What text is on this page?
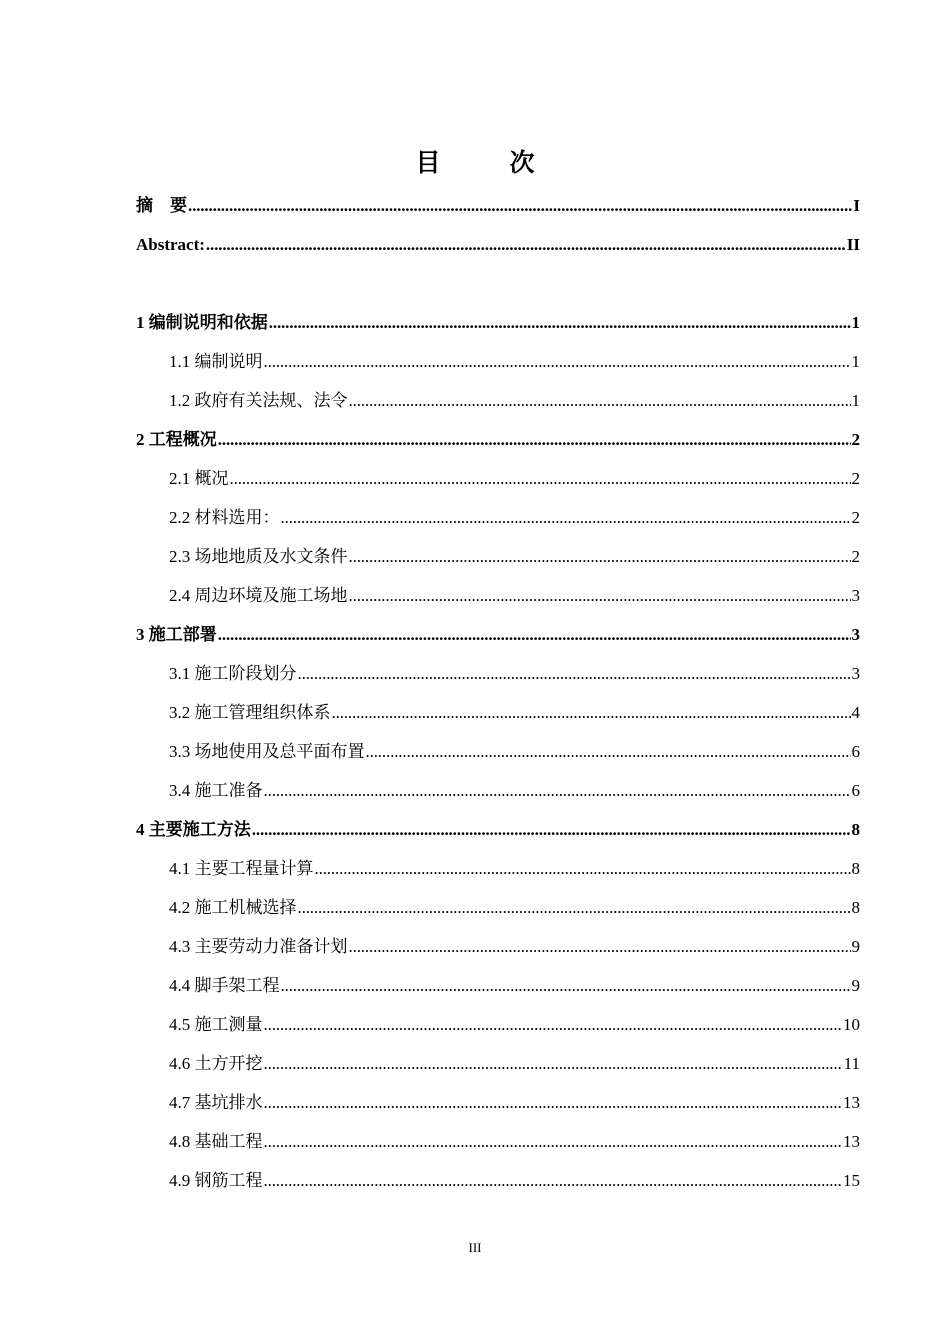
目　次
摘　要 . . .	I
Abstract: . . .	II
1 编制说明和依据 . . .	1
1.1 编制说明 . . .	1
1.2 政府有关法规、法令 . . .	1
2 工程概况 . . .	2
2.1 概况 . . .	2
2.2 材料选用： . . .	2
2.3 场地地质及水文条件 . . .	2
2.4 周边环境及施工场地 . . .	3
3 施工部署 . . .	3
3.1 施工阶段划分 . . .	3
3.2 施工管理组织体系 . . .	4
3.3 场地使用及总平面布置 . . .	6
3.4 施工准备 . . .	6
4 主要施工方法 . . .	8
4.1 主要工程量计算 . . .	8
4.2 施工机械选择 . . .	8
4.3 主要劳动力准备计划 . . .	9
4.4 脚手架工程 . . .	9
4.5 施工测量 . . .	10
4.6 土方开挖 . . .	11
4.7 基坑排水 . . .	13
4.8 基础工程 . . .	13
4.9 钢筋工程 . . .	15
III
